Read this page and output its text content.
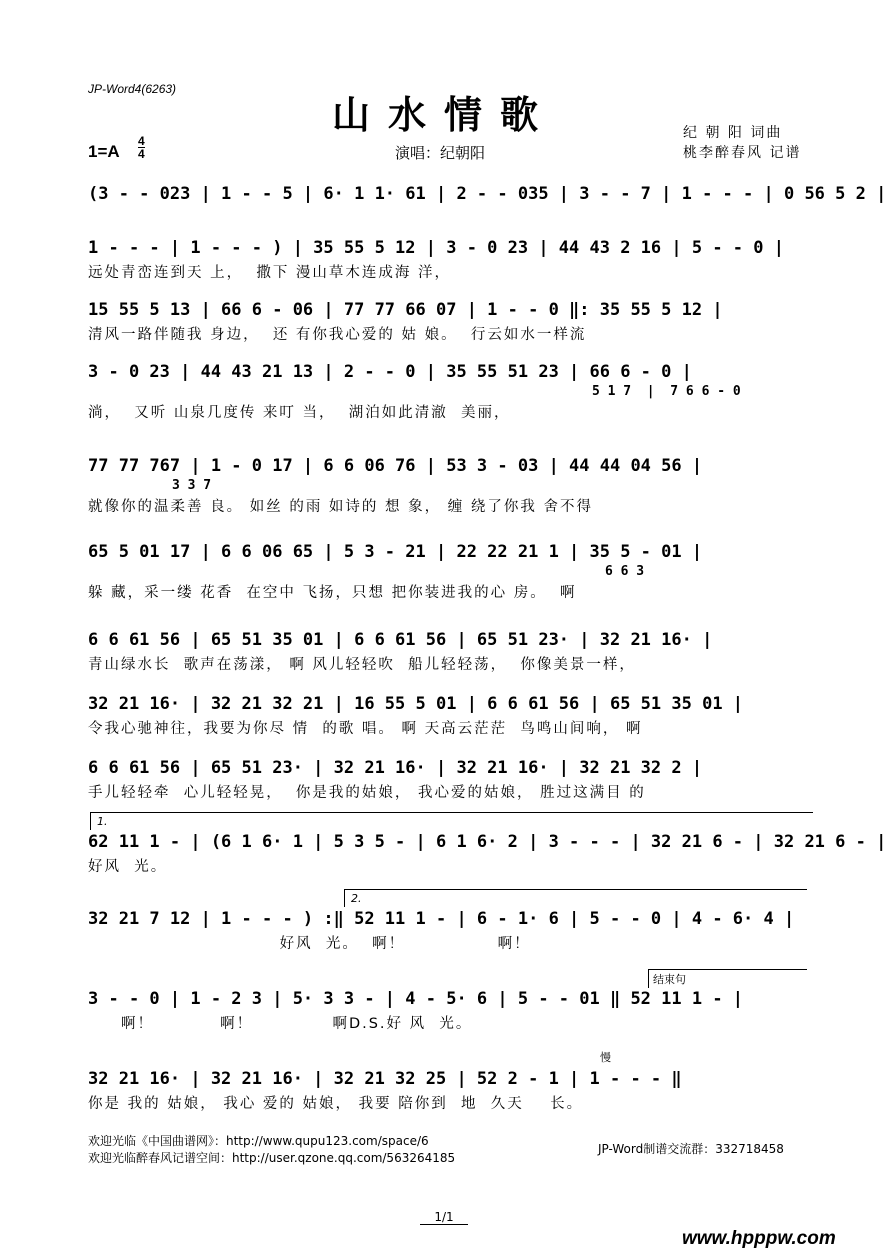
JP-Word4(6263)
山水情歌
1=A
4
4	演唱：纪朝阳
纪 朝 阳 词曲
桃李醉春风 记谱
(3 - - 023 | 1 - - 5 | 6· 1 1· 61 | 2 - - 035 | 3 - - 7 | 1 - - - | 0 56 5 2 |
1 - - - | 1 - - - ) | 35 55 5 12 | 3 - 0 23 | 44 43 2 16 | 5 - - 0 |
远处青峦连到天 上，  撒下 漫山草木连成海 洋，
15 55 5 13 | 66 6 - 06 | 77 77 66 07 | 1 - - 0 ‖: 35 55 5 12 |
清风一路伴随我 身边，  还 有你我心爱的 姑 娘。  行云如水一样流
3 - 0 23 | 44 43 21 13 | 2 - - 0 | 35 55 51 23 | 66 6 - 0 |
5 1 7  |  7 6 6 - 0
淌，  又听 山泉几度传 来叮 当，  湖泊如此清澈  美丽，
77 77 767 | 1 - 0 17 | 6 6 06 76 | 53 3 - 03 | 44 44 04 56 |
3 3 7
就像你的温柔善 良。 如丝 的雨 如诗的 想 象， 缠 绕了你我 舍不得
65 5 01 17 | 6 6 06 65 | 5 3 - 21 | 22 22 21 1 | 35 5 - 01 |
6 6 3
躲 藏，采一缕 花香  在空中 飞扬，只想 把你装进我的心 房。  啊
6 6 61 56 | 65 51 35 01 | 6 6 61 56 | 65 51 23· | 32 21 16· |
青山绿水长  歌声在荡漾， 啊 风儿轻轻吹  船儿轻轻荡，  你像美景一样，
32 21 16· | 32 21 32 21 | 16 55 5 01 | 6 6 61 56 | 65 51 35 01 |
令我心驰神往，我要为你尽 情  的歌 唱。 啊 天高云茫茫  鸟鸣山间响， 啊
6 6 61 56 | 65 51 23· | 32 21 16· | 32 21 16· | 32 21 32 2 |
手儿轻轻牵  心儿轻轻晃，  你是我的姑娘， 我心爱的姑娘， 胜过这满目 的
62 11 1 - | (6 1 6· 1 | 5 3 5 - | 6 1 6· 2 | 3 - - - | 32 21 6 - | 32 21 6 - |
1.
好风  光。
32 21 7 12 | 1 - - - ) :‖ 52 11 1 - | 6 - 1· 6 | 5 - - 0 | 4 - 6· 4 |
2.
好风  光。  啊！              啊！
3 - - 0 | 1 - 2 3 | 5· 3 3 - | 4 - 5· 6 | 5 - - 01 ‖ 52 11 1 - |
结束句
啊！          啊！            啊D.S.好 风  光。
32 21 16· | 32 21 16· | 32 21 32 25 | 52 2 - 1 | 1 - - - ‖
慢
你是 我的 姑娘， 我心 爱的 姑娘， 我要 陪你到  地  久天    长。
欢迎光临《中国曲谱网》：http://www.qupu123.com/space/6
欢迎光临醉春风记谱空间：http://user.qzone.qq.com/563264185
JP-Word制谱交流群：332718458
1/1
www.hpppw.com
